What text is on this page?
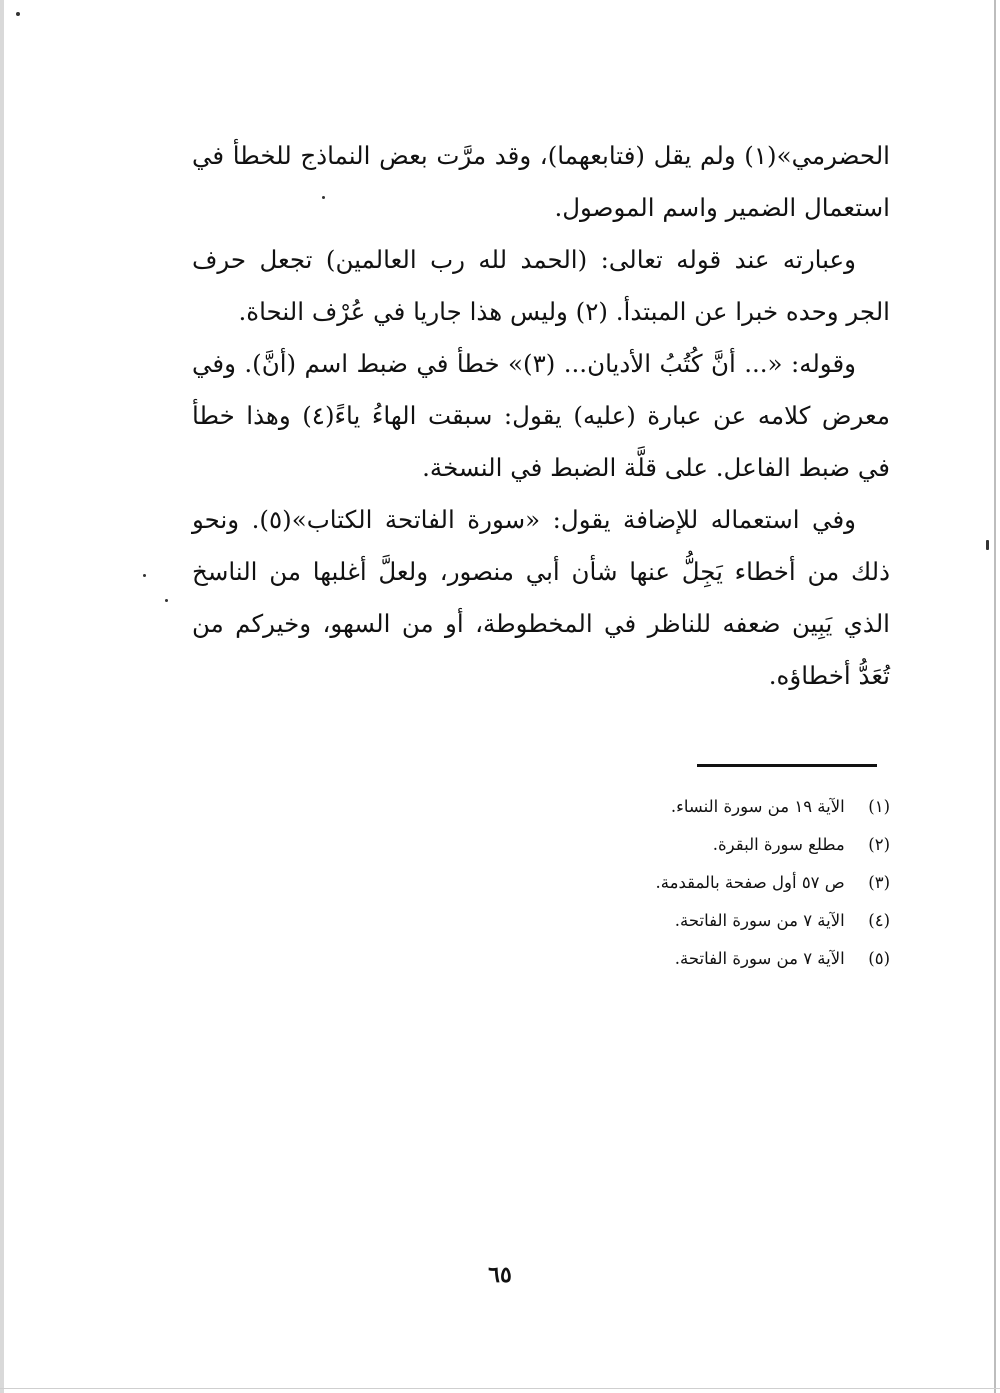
الحضرمي»(١) ولم يقل (فتابعهما)، وقد مرَّت بعض النماذج للخطأ في استعمال الضمير واسم الموصول.

وعبارته عند قوله تعالى: (الحمد لله رب العالمين) تجعل حرف الجر وحده خبرا عن المبتدأ. (٢) وليس هذا جاريا في عُرْف النحاة.

وقوله: «... أنَّ كُتُبُ الأديان... (٣)» خطأ في ضبط اسم (أنَّ). وفي معرض كلامه عن عبارة (عليه) يقول: سبقت الهاءُ ياءً(٤) وهذا خطأ في ضبط الفاعل. على قلَّة الضبط في النسخة.

وفي استعماله للإضافة يقول: «سورة الفاتحة الكتاب»(٥). ونحو ذلك من أخطاء يَجِلُّ عنها شأن أبي منصور، ولعلَّ أغلبها من الناسخ الذي يَبِين ضعفه للناظر في المخطوطة، أو من السهو، وخيركم من تُعَدُّ أخطاؤه.

(١) الآية ١٩ من سورة النساء.
(٢) مطلع سورة البقرة.
(٣) ص ٥٧ أول صفحة بالمقدمة.
(٤) الآية ٧ من سورة الفاتحة.
(٥) الآية ٧ من سورة الفاتحة.
٦٥
